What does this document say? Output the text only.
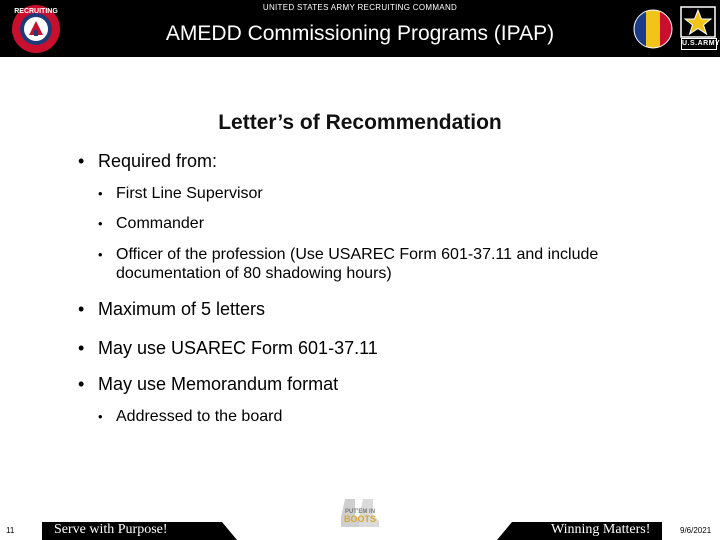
RECRUITING	UNITED STATES ARMY RECRUITING COMMAND
AMEDD Commissioning Programs (IPAP)	U.S.ARMY
Letter’s of Recommendation
• Required from:
• First Line Supervisor
• Commander
• Officer of the profession (Use USAREC Form 601-37.11 and include documentation of 80 shadowing hours)
• Maximum of 5 letters
• May use USAREC Form 601-37.11
• May use Memorandum format
• Addressed to the board
PUT'EM IN
BOOTS
11	Serve with Purpose!	Winning Matters!	9/6/2021
